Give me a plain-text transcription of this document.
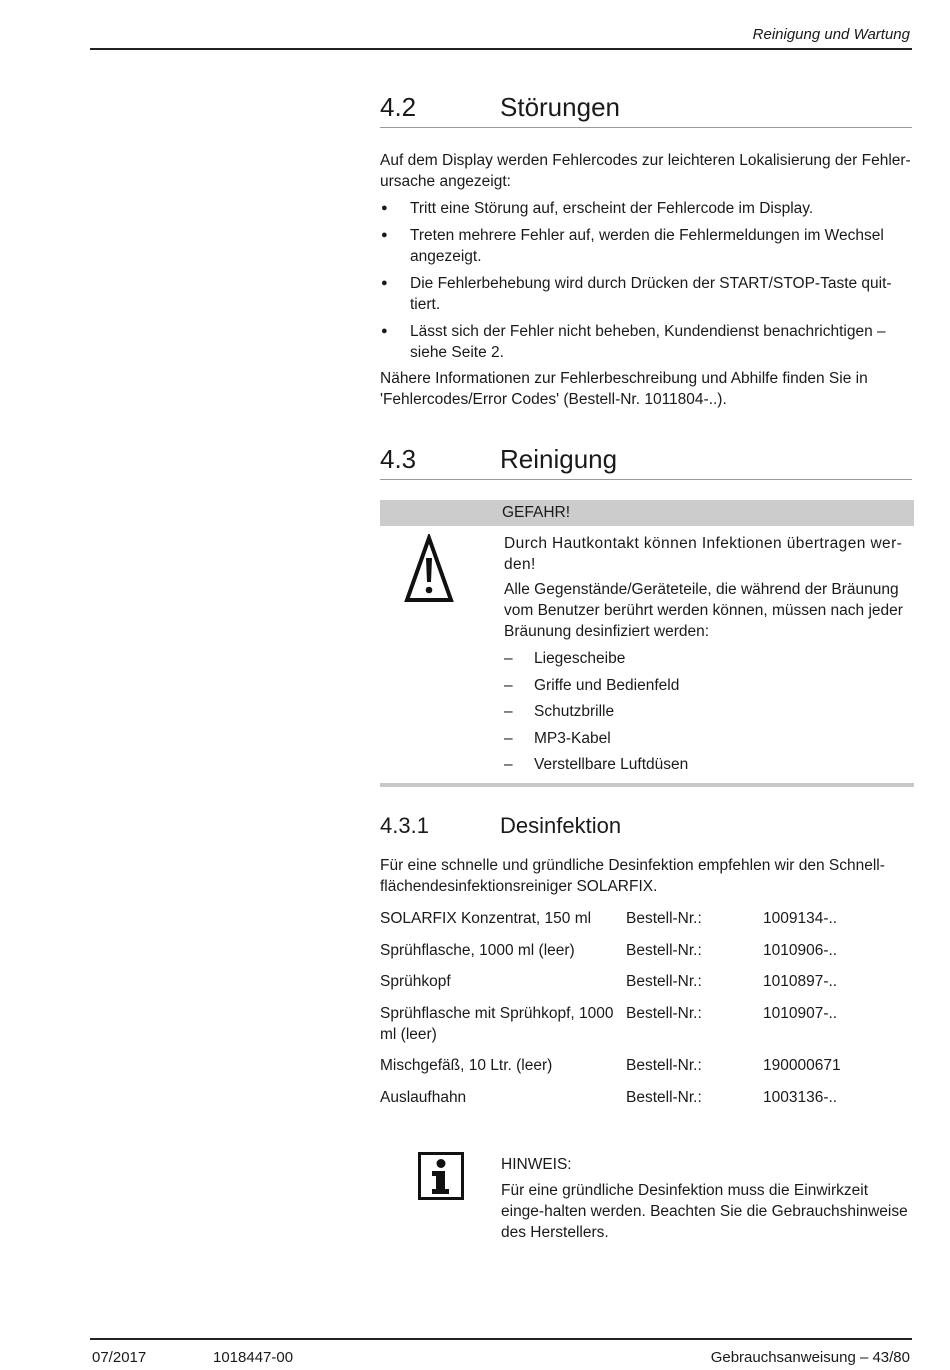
Reinigung und Wartung
4.2	Störungen

Auf dem Display werden Fehlercodes zur leichteren Lokalisierung der Fehler-ursache angezeigt:

● Tritt eine Störung auf, erscheint der Fehlercode im Display.
● Treten mehrere Fehler auf, werden die Fehlermeldungen im Wechsel angezeigt.
● Die Fehlerbehebung wird durch Drücken der START/STOP-Taste quit-tiert.
● Lässt sich der Fehler nicht beheben, Kundendienst benachrichtigen – siehe Seite 2.

Nähere Informationen zur Fehlerbeschreibung und Abhilfe finden Sie in 'Fehlercodes/Error Codes' (Bestell-Nr. 1011804-..).

4.3	Reinigung
GEFAHR!

Durch Hautkontakt können Infektionen übertragen wer-den!

Alle Gegenstände/Geräteteile, die während der Bräunung vom Benutzer berührt werden können, müssen nach jeder Bräunung desinfiziert werden:

– Liegescheibe
– Griffe und Bedienfeld
– Schutzbrille
– MP3-Kabel
– Verstellbare Luftdüsen
4.3.1	Desinfektion

Für eine schnelle und gründliche Desinfektion empfehlen wir den Schnell-flächendesinfektionsreiniger SOLARFIX.

SOLARFIX Konzentrat, 150 ml	Bestell-Nr.:	1009134-..
Sprühflasche, 1000 ml (leer)	Bestell-Nr.:	1010906-..
Sprühkopf	Bestell-Nr.:	1010897-..
Sprühflasche mit Sprühkopf, 1000 ml (leer)	Bestell-Nr.:	1010907-..
Mischgefäß, 10 Ltr. (leer)	Bestell-Nr.:	190000671
Auslaufhahn	Bestell-Nr.:	1003136-..

HINWEIS:

Für eine gründliche Desinfektion muss die Einwirkzeit einge-halten werden. Beachten Sie die Gebrauchshinweise des Herstellers.

07/2017	1018447-00	Gebrauchsanweisung – 43/80
